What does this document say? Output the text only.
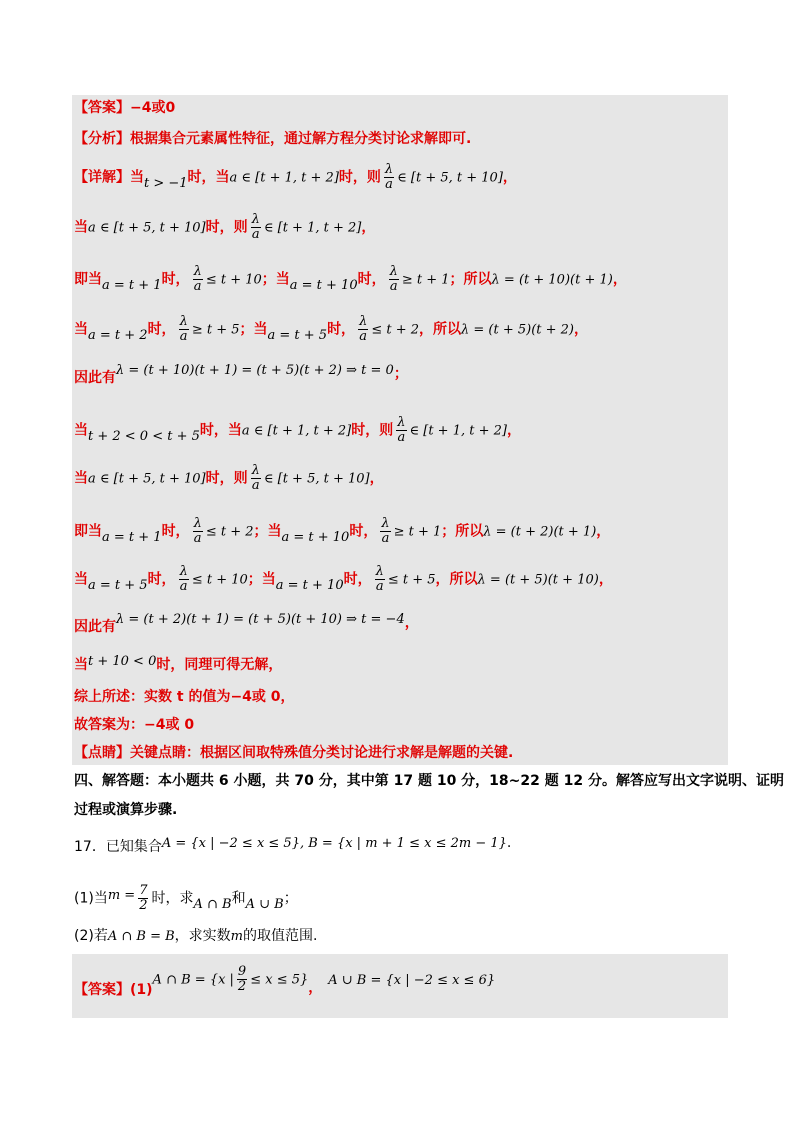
【答案】−4或0
【分析】根据集合元素属性特征，通过解方程分类讨论求解即可.
【详解】当t > −1时，当a ∈ [t + 1, t + 2]时，则 $\frac{\lambda}{a}$ ∈ [t + 5, t + 10]，
当a ∈ [t + 5, t + 10]时，则 $\frac{\lambda}{a}$ ∈ [t + 1, t + 2]，
即当a = t + 1时， $\frac{\lambda}{a} \le t + 10$；当a = t + 10时， $\frac{\lambda}{a} \ge t + 1$；所以λ = (t + 10)(t + 1)，
当a = t + 2时， $\frac{\lambda}{a} \ge t + 5$；当a = t + 5时， $\frac{\lambda}{a} \le t + 2$，所以λ = (t + 5)(t + 2)，
因此有λ = (t + 10)(t + 1) = (t + 5)(t + 2) ⇒ t = 0；
当t + 2 < 0 < t + 5时，当a ∈ [t + 1, t + 2]时，则 $\frac{\lambda}{a}$ ∈ [t + 1, t + 2]，
当a ∈ [t + 5, t + 10]时，则 $\frac{\lambda}{a}$ ∈ [t + 5, t + 10]，
即当a = t + 1时， $\frac{\lambda}{a} \le t + 2$；当a = t + 10时， $\frac{\lambda}{a} \ge t + 1$；所以λ = (t + 2)(t + 1)，
当a = t + 5时， $\frac{\lambda}{a} \le t + 10$；当a = t + 10时， $\frac{\lambda}{a} \le t + 5$，所以λ = (t + 5)(t + 10)，
因此有λ = (t + 2)(t + 1) = (t + 5)(t + 10) ⇒ t = −4，
当t + 10 < 0时，同理可得无解，
综上所述：实数 t 的值为−4或 0，
故答案为：−4或 0
【点睛】关键点睛：根据区间取特殊值分类讨论进行求解是解题的关键.
四、解答题：本小题共 6 小题，共 70 分，其中第 17 题 10 分，18~22 题 12 分。解答应写出文字说明、证明
过程或演算步骤.
17．已知集合A = {x | −2 ≤ x ≤ 5}, B = {x | m + 1 ≤ x ≤ 2m − 1}.
(1)当$m = \frac{7}{2}$ 时，求A ∩ B和A ∪ B；
(2)若A ∩ B = B，求实数m的取值范围.
【答案】(1)A ∩ B = {x | $\frac{9}{2} \le x \le 5$}， A ∪ B = {x | −2 ≤ x ≤ 6}
